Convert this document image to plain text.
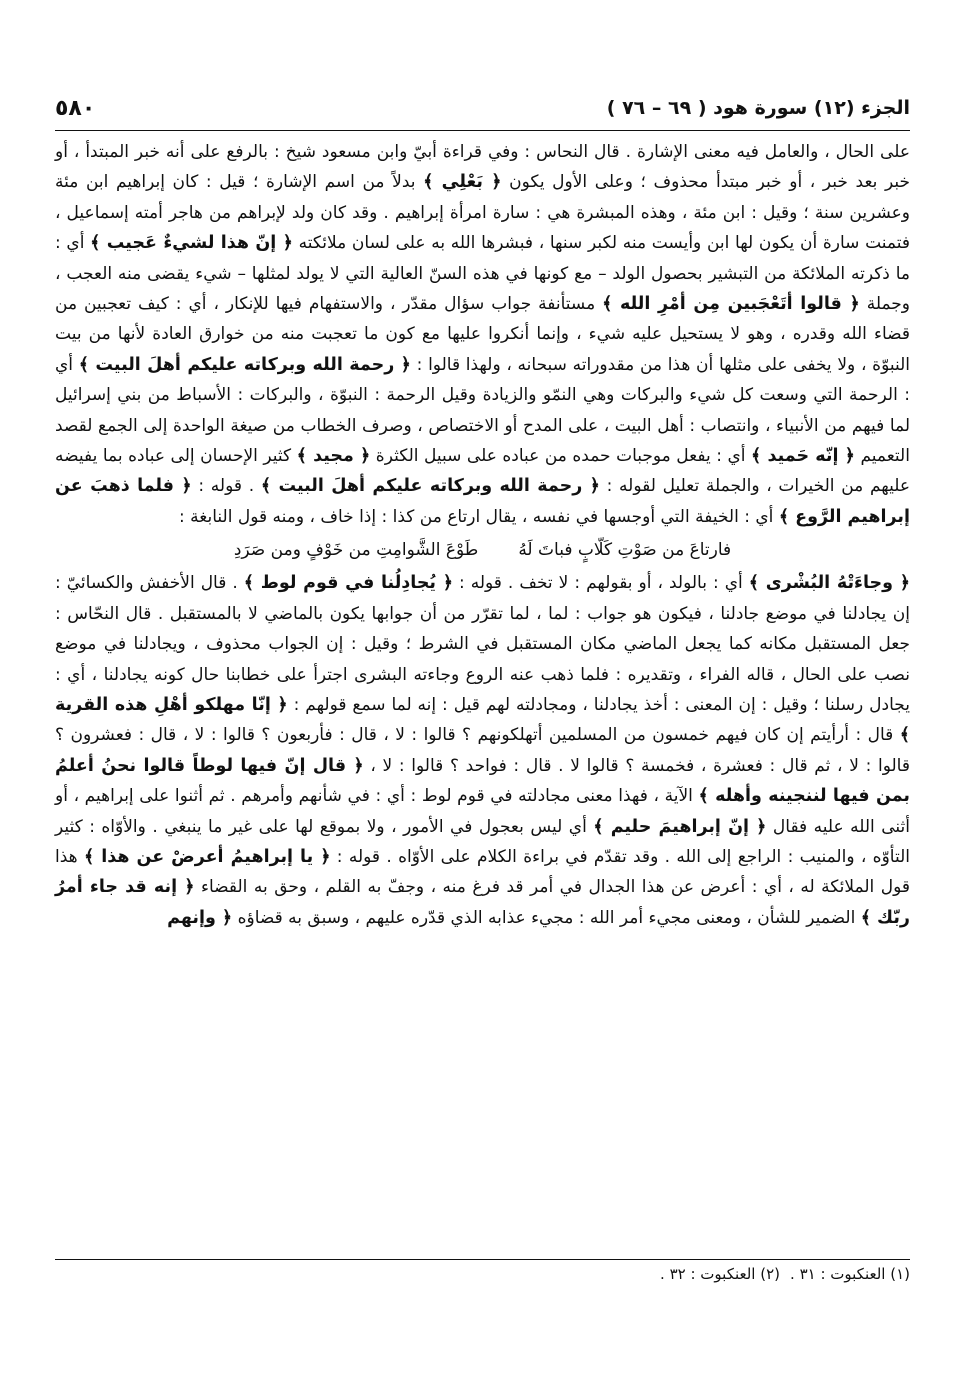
الجزء (١٢) سورة هود ( ٦٩ – ٧٦ )
٥٨٠

على الحال ، والعامل فيه معنى الإشارة . قال النحاس : وفي قراءة أبيّ وابن مسعود شيخ : بالرفع على أنه خبر المبتدأ ، أو خبر بعد خبر ، أو خبر مبتدأ محذوف ؛ وعلى الأول يكون ﴿ بَعْلِي ﴾ بدلاً من اسم الإشارة ؛ قيل : كان إبراهيم ابن مئة وعشرين سنة ؛ وقيل : ابن مئة ، وهذه المبشرة هي : سارة امرأة إبراهيم . وقد كان ولد لإبراهم من هاجر أمته إسماعيل ، فتمنت سارة أن يكون لها ابن وأيست منه لكبر سنها ، فبشرها الله به على لسان ملائكته ﴿ إنّ هذا لشيءٌ عَجيب ﴾ أي : ما ذكرته الملائكة من التبشير بحصول الولد – مع كونها في هذه السنّ العالية التي لا يولد لمثلها – شيء يقضى منه العجب ، وجملة ﴿ قالوا أتَعْجَبين مِن أمْرِ الله ﴾ مستأنفة جواب سؤال مقدّر ، والاستفهام فيها للإنكار ، أي : كيف تعجبين من قضاء الله وقدره ، وهو لا يستحيل عليه شيء ، وإنما أنكروا عليها مع كون ما تعجبت منه من خوارق العادة لأنها من بيت النبوّة ، ولا يخفى على مثلها أن هذا من مقدوراته سبحانه ، ولهذا قالوا : ﴿ رحمة الله وبركاته عليكم أهلَ البيت ﴾ أي : الرحمة التي وسعت كل شيء والبركات وهي النمّو والزيادة وقيل الرحمة : النبوّة ، والبركات : الأسباط من بني إسرائيل لما فيهم من الأنبياء ، وانتصاب : أهل البيت ، على المدح أو الاختصاص ، وصرف الخطاب من صيغة الواحدة إلى الجمع لقصد التعميم ﴿ إنّه حَميد ﴾ أي : يفعل موجبات حمده من عباده على سبيل الكثرة ﴿ مجيد ﴾ كثير الإحسان إلى عباده بما يفيضه عليهم من الخيرات ، والجملة تعليل لقوله : ﴿ رحمة الله وبركاته عليكم أهلَ البيت ﴾ . قوله : ﴿ فلما ذهبَ عن إبراهيم الرَّوع ﴾ أي : الخيفة التي أوجسها في نفسه ، يقال ارتاع من كذا : إذا خاف ، ومنه قول النابغة :

فارتاعَ من صَوْتِ كَلّابٍ فباتَ لَهُ
طَوْعَ الشَّوامِتِ من خَوْفٍ ومن صَرَدِ

﴿ وجاءَتْهُ البُشْرى ﴾ أي : بالولد ، أو بقولهم : لا تخف . قوله : ﴿ يُجادِلُنا في قوم لوط ﴾ . قال الأخفش والكسائيّ : إن يجادلنا في موضع جادلنا ، فيكون هو جواب : لما ، لما تقرّر من أن جوابها يكون بالماضي لا بالمستقبل . قال النحّاس : جعل المستقبل مكانه كما يجعل الماضي مكان المستقبل في الشرط ؛ وقيل : إن الجواب محذوف ، ويجادلنا في موضع نصب على الحال ، قاله الفراء ، وتقديره : فلما ذهب عنه الروع وجاءته البشرى اجترأ على خطابنا حال كونه يجادلنا ، أي : يجادل رسلنا ؛ وقيل : إن المعنى : أخذ يجادلنا ، ومجادلته لهم قيل : إنه لما سمع قولهم : ﴿ إنّا مهلكو أهْلِ هذه القرية ﴾ قال : أرأيتم إن كان فيهم خمسون من المسلمين أتهلكونهم ؟ قالوا : لا ، قال : فأربعون ؟ قالوا : لا ، قال : فعشرون ؟ قالوا : لا ، ثم قال : فعشرة ، فخمسة ؟ قالوا لا . قال : فواحد ؟ قالوا : لا ، ﴿ قال إنّ فيها لوطاً قالوا نحنُ أعلمُ بمن فيها لننجينه وأهله ﴾ الآية ، فهذا معنى مجادلته في قوم لوط : أي : في شأنهم وأمرهم . ثم أثنوا على إبراهيم ، أو أثنى الله عليه فقال ﴿ إنّ إبراهيمَ حليم ﴾ أي ليس بعجول في الأمور ، ولا بموقع لها على غير ما ينبغي . والأوّاه : كثير التأوّه ، والمنيب : الراجع إلى الله . وقد تقدّم في براءة الكلام على الأوّاه . قوله : ﴿ يا إبراهيمُ أعرضْ عن هذا ﴾ هذا قول الملائكة له ، أي : أعرض عن هذا الجدال في أمر قد فرغ منه ، وجفّ به القلم ، وحق به القضاء ﴿ إنه قد جاء أمرُ ربّك ﴾ الضمير للشأن ، ومعنى مجيء أمر الله : مجيء عذابه الذي قدّره عليهم ، وسبق به قضاؤه ﴿ وإنهم

(١) العنكبوت : ٣١ .
(٢) العنكبوت : ٣٢ .
